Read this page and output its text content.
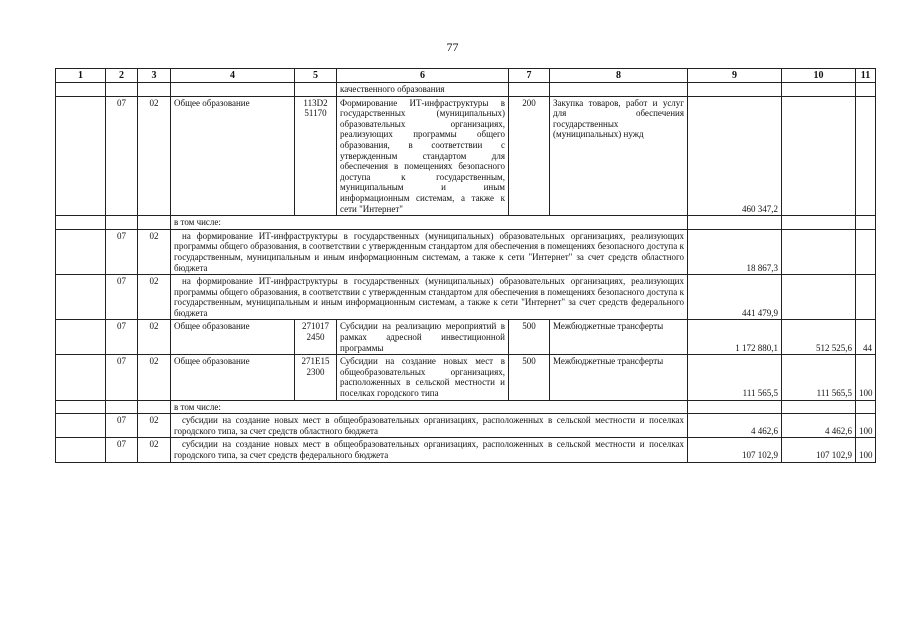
77
1	2	3	4	5	6	7	8	9	10	11
					качественного образования					
	07	02	Общее образование	113D2 51170	Формирование ИТ-инфраструктуры в государственных (муниципальных) образовательных организациях, реализующих программы общего образования, в соответствии с утвержденным стандартом для обеспечения в помещениях безопасного доступа к государственным, муниципальным и иным информационным системам, а также к сети "Интернет"	200	Закупка товаров, работ и услуг для обеспечения государственных (муниципальных) нужд	460 347,2		
			в том числе:							
	07	02	на формирование ИТ-инфраструктуры в государственных (муниципальных) образовательных организациях, реализующих программы общего образования, в соответствии с утвержденным стандартом для обеспечения в помещениях безопасного доступа к государственным, муниципальным и иным информационным системам, а также к сети "Интернет" за счет средств областного бюджета					18 867,3		
	07	02	на формирование ИТ-инфраструктуры в государственных (муниципальных) образовательных организациях, реализующих программы общего образования, в соответствии с утвержденным стандартом для обеспечения в помещениях безопасного доступа к государственным, муниципальным и иным информационным системам, а также к сети "Интернет" за счет средств федерального бюджета					441 479,9		
	07	02	Общее образование	271017 2450	Субсидии на реализацию мероприятий в рамках адресной инвестиционной программы	500	Межбюджетные трансферты	1 172 880,1	512 525,6	44
	07	02	Общее образование	271E15 2300	Субсидии на создание новых мест в общеобразовательных организациях, расположенных в сельской местности и поселках городского типа	500	Межбюджетные трансферты	111 565,5	111 565,5	100
			в том числе:							
	07	02	субсидии на создание новых мест в общеобразовательных организациях, расположенных в сельской местности и поселках городского типа, за счет средств областного бюджета					4 462,6	4 462,6	100
	07	02	субсидии на создание новых мест в общеобразовательных организациях, расположенных в сельской местности и поселках городского типа, за счет средств федерального бюджета					107 102,9	107 102,9	100
